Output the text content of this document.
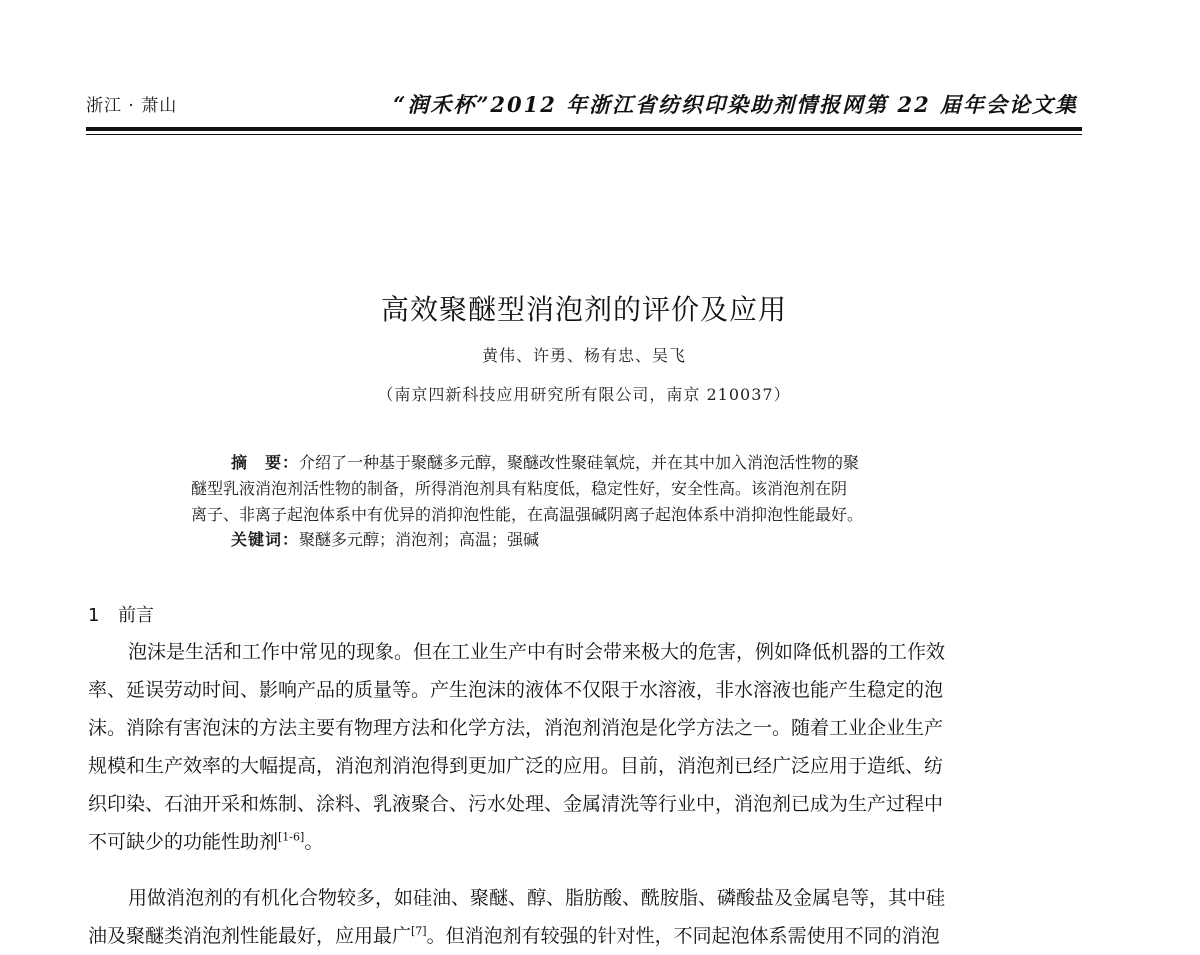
浙江 · 萧山	“润禾杯”2012 年浙江省纺织印染助剂情报网第 22 届年会论文集
高效聚醚型消泡剂的评价及应用
黄伟、许勇、杨有忠、吴飞
（南京四新科技应用研究所有限公司，南京 210037）
摘　要：介绍了一种基于聚醚多元醇，聚醚改性聚硅氧烷，并在其中加入消泡活性物的聚
醚型乳液消泡剂活性物的制备，所得消泡剂具有粘度低，稳定性好，安全性高。该消泡剂在阴
离子、非离子起泡体系中有优异的消抑泡性能，在高温强碱阴离子起泡体系中消抑泡性能最好。
关键词：聚醚多元醇；消泡剂；高温；强碱
1 前言
泡沫是生活和工作中常见的现象。但在工业生产中有时会带来极大的危害，例如降低机器的工作效
率、延误劳动时间、影响产品的质量等。产生泡沫的液体不仅限于水溶液，非水溶液也能产生稳定的泡
沫。消除有害泡沫的方法主要有物理方法和化学方法，消泡剂消泡是化学方法之一。随着工业企业生产
规模和生产效率的大幅提高，消泡剂消泡得到更加广泛的应用。目前，消泡剂已经广泛应用于造纸、纺
织印染、石油开采和炼制、涂料、乳液聚合、污水处理、金属清洗等行业中，消泡剂已成为生产过程中
不可缺少的功能性助剂[1-6]。
用做消泡剂的有机化合物较多，如硅油、聚醚、醇、脂肪酸、酰胺脂、磷酸盐及金属皂等，其中硅
油及聚醚类消泡剂性能最好，应用最广[7]。但消泡剂有较强的针对性，不同起泡体系需使用不同的消泡
